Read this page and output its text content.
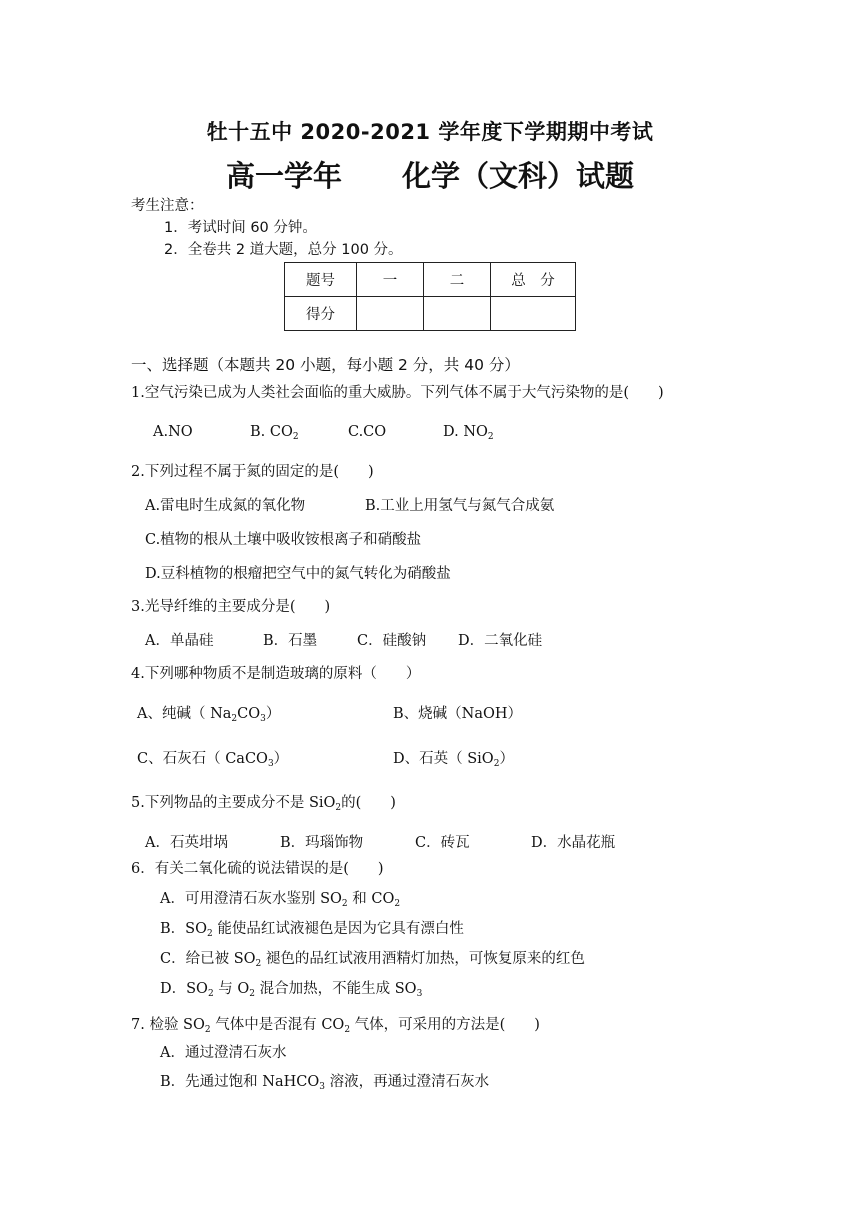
牡十五中 2020-2021 学年度下学期期中考试
高一学年 化学（文科）试题
考生注意：
1．考试时间 60 分钟。
2．全卷共 2 道大题，总分 100 分。
题号	一	二	总　分
得分			
一、选择题（本题共 20 小题，每小题 2 分，共 40 分）
1.空气污染已成为人类社会面临的重大威胁。下列气体不属于大气污染物的是(　　)
A.NO	B. $CO_2$	C.CO	D. $NO_2$
2.下列过程不属于氮的固定的是(　　)
A.雷电时生成氮的氧化物	B.工业上用氢气与氮气合成氨
C.植物的根从土壤中吸收铵根离子和硝酸盐
D.豆科植物的根瘤把空气中的氮气转化为硝酸盐
3.光导纤维的主要成分是(　　)
A．单晶硅	B．石墨	C．硅酸钠 D．二氧化硅
4.下列哪种物质不是制造玻璃的原料（　　）
A、纯碱（ $Na_2CO_3$）	B、烧碱（NaOH）
C、石灰石（ CaCO$_3$）	D、石英（ SiO$_2$）
5.下列物品的主要成分不是 SiO$_2$的(　　)
A．石英坩埚	B．玛瑙饰物	C．砖瓦	D．水晶花瓶
6．有关二氧化硫的说法错误的是(　　)
A．可用澄清石灰水鉴别 $SO_2$ 和 $CO_2$
B．$SO_2$ 能使品红试液褪色是因为它具有漂白性
C．给已被 $SO_2$ 褪色的品红试液用酒精灯加热，可恢复原来的红色
D．$SO_2$ 与 $O_2$ 混合加热，不能生成 $SO_3$
7. 检验 $SO_2$ 气体中是否混有 $CO_2$ 气体，可采用的方法是(　　)
A．通过澄清石灰水
B．先通过饱和 NaHCO$_3$ 溶液，再通过澄清石灰水
